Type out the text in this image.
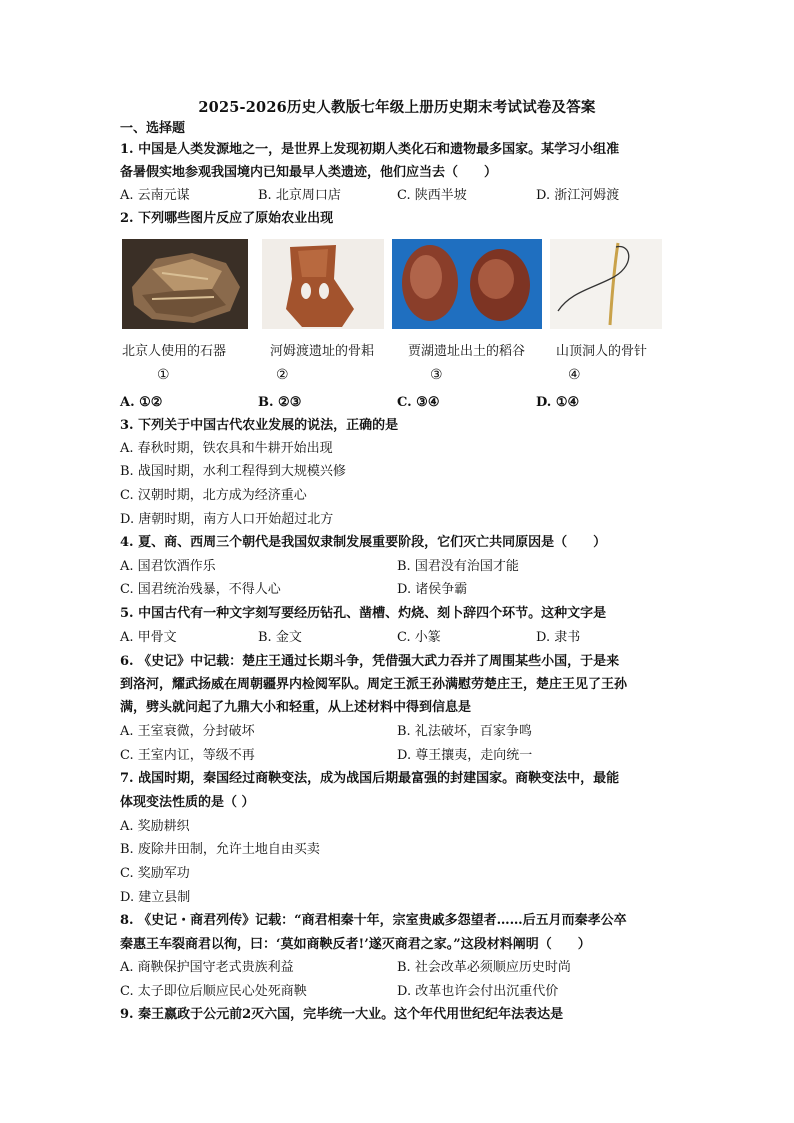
2025-2026历史人教版七年级上册历史期末考试试卷及答案
一、选择题
1. 中国是人类发源地之一，是世界上发现初期人类化石和遗物最多国家。某学习小组准
备暑假实地参观我国境内已知最早人类遗迹，他们应当去（　　）
A. 云南元谋	B. 北京周口店	C. 陕西半坡	D. 浙江河姆渡
2. 下列哪些图片反应了原始农业出现
北京人使用的石器	河姆渡遗址的骨耜	贾湖遗址出土的稻谷 山顶洞人的骨针
①	②	③	④
A. ①②	B. ②③	C. ③④	D. ①④
3. 下列关于中国古代农业发展的说法，正确的是
A. 春秋时期，铁农具和牛耕开始出现
B. 战国时期，水利工程得到大规模兴修
C. 汉朝时期，北方成为经济重心
D. 唐朝时期，南方人口开始超过北方
4. 夏、商、西周三个朝代是我国奴隶制发展重要阶段，它们灭亡共同原因是（　　）
A. 国君饮酒作乐	B. 国君没有治国才能
C. 国君统治残暴，不得人心	D. 诸侯争霸
5. 中国古代有一种文字刻写要经历钻孔、凿槽、灼烧、刻卜辞四个环节。这种文字是
A. 甲骨文	B. 金文	C. 小篆	D. 隶书
6. 《史记》中记载：楚庄王通过长期斗争，凭借强大武力吞并了周围某些小国，于是来
到洛河，耀武扬威在周朝疆界内检阅军队。周定王派王孙满慰劳楚庄王，楚庄王见了王孙
满，劈头就问起了九鼎大小和轻重，从上述材料中得到信息是
A. 王室衰微，分封破坏	B. 礼法破坏，百家争鸣
C. 王室内讧，等级不再	D. 尊王攘夷，走向统一
7. 战国时期，秦国经过商鞅变法，成为战国后期最富强的封建国家。商鞅变法中，最能
体现变法性质的是（ ）
A. 奖励耕织
B. 废除井田制，允许土地自由买卖
C. 奖励军功
D. 建立县制
8. 《史记・商君列传》记载：“商君相秦十年，宗室贵戚多怨望者……后五月而秦孝公卒
秦惠王车裂商君以徇，曰：‘莫如商鞅反者!’遂灭商君之家。”这段材料阐明（　　）
A. 商鞅保护国守老式贵族利益	B. 社会改革必须顺应历史时尚
C. 太子即位后顺应民心处死商鞅	D. 改革也许会付出沉重代价
9. 秦王嬴政于公元前2灭六国，完毕统一大业。这个年代用世纪纪年法表达是
